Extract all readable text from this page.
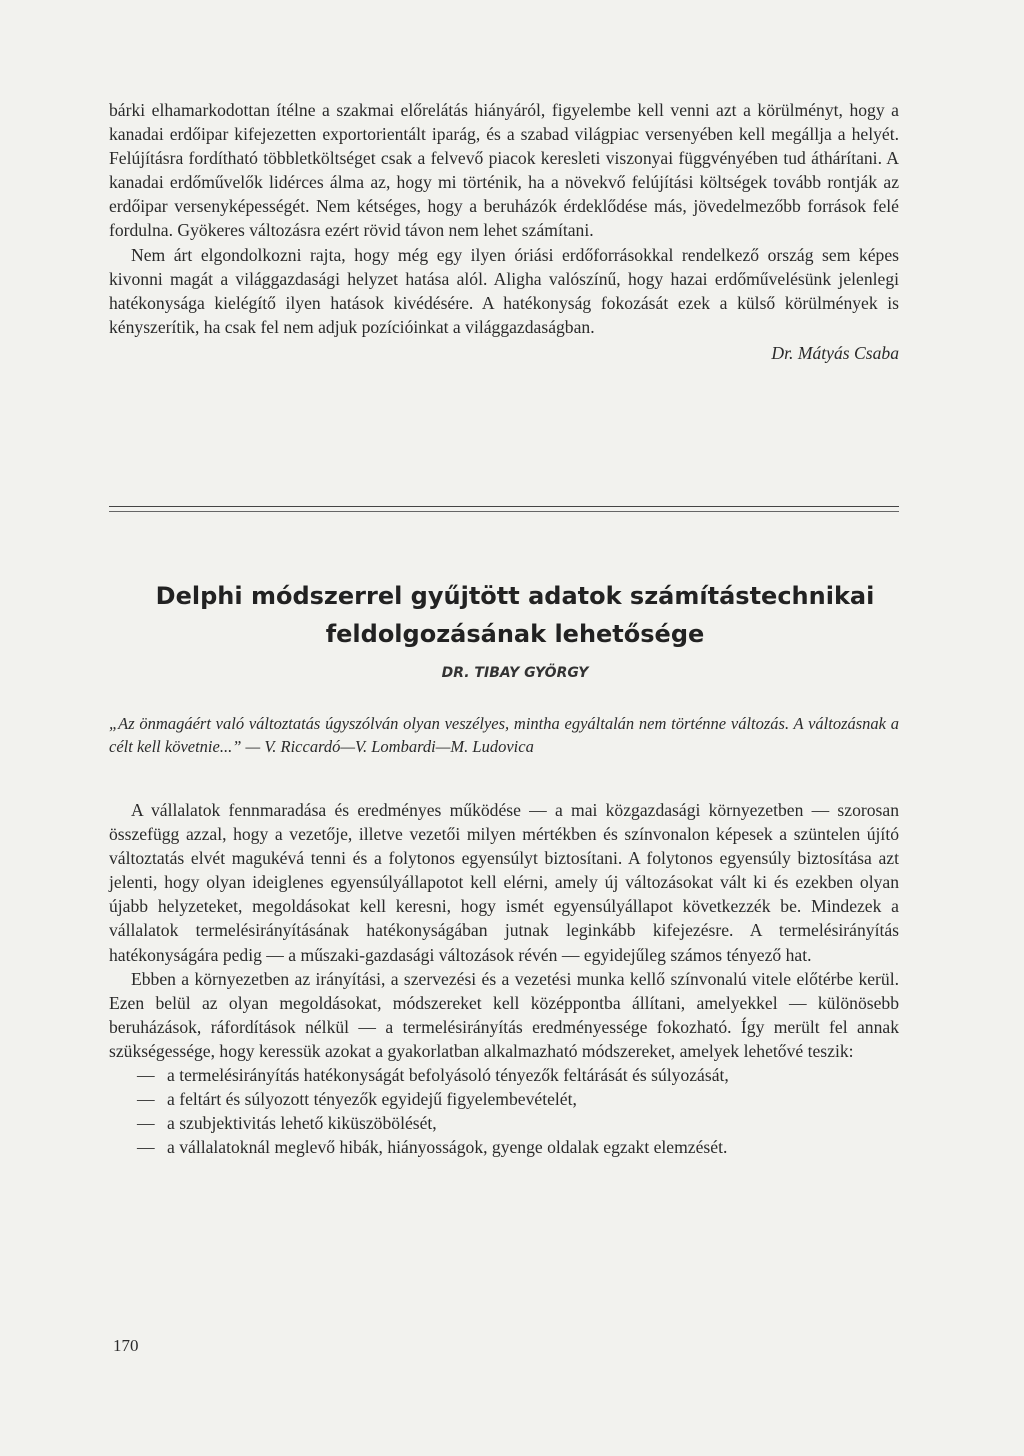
bárki elhamarkodottan ítélne a szakmai előrelátás hiányáról, figyelembe kell venni azt a körülményt, hogy a kanadai erdőipar kifejezetten exportorientált iparág, és a szabad világpiac versenyében kell megállja a helyét. Felújításra fordítható többletköltséget csak a felvevő piacok keresleti viszonyai függvényében tud áthárítani. A kanadai erdőművelők lidérces álma az, hogy mi történik, ha a növekvő felújítási költségek tovább rontják az erdőipar versenyképességét. Nem kétséges, hogy a beruházók érdeklődése más, jövedelmezőbb források felé fordulna. Gyökeres változásra ezért rövid távon nem lehet számítani.

Nem árt elgondolkozni rajta, hogy még egy ilyen óriási erdőforrásokkal rendelkező ország sem képes kivonni magát a világgazdasági helyzet hatása alól. Aligha valószínű, hogy hazai erdőművelésünk jelenlegi hatékonysága kielégítő ilyen hatások kivédésére. A hatékonyság fokozását ezek a külső körülmények is kényszerítik, ha csak fel nem adjuk pozícióinkat a világgazdaságban.

Dr. Mátyás Csaba
Delphi módszerrel gyűjtött adatok számítástechnikai
feldolgozásának lehetősége
DR. TIBAY GYÖRGY

„Az önmagáért való változtatás úgyszólván olyan veszélyes, mintha egyáltalán nem történne változás. A változásnak a célt kell követnie...” — V. Riccardó—V. Lombardi—M. Ludovica

A vállalatok fennmaradása és eredményes működése — a mai közgazdasági környezetben — szorosan összefügg azzal, hogy a vezetője, illetve vezetői milyen mértékben és színvonalon képesek a szüntelen újító változtatás elvét magukévá tenni és a folytonos egyensúlyt biztosítani. A folytonos egyensúly biztosítása azt jelenti, hogy olyan ideiglenes egyensúlyállapotot kell elérni, amely új változásokat vált ki és ezekben olyan újabb helyzeteket, megoldásokat kell keresni, hogy ismét egyensúlyállapot következzék be. Mindezek a vállalatok termelésirányításának hatékonyságában jutnak leginkább kifejezésre. A termelésirányítás hatékonyságára pedig — a műszaki-gazdasági változások révén — egyidejűleg számos tényező hat.

Ebben a környezetben az irányítási, a szervezési és a vezetési munka kellő színvonalú vitele előtérbe kerül. Ezen belül az olyan megoldásokat, módszereket kell középpontba állítani, amelyekkel — különösebb beruházások, ráfordítások nélkül — a termelésirányítás eredményessége fokozható. Így merült fel annak szükségessége, hogy keressük azokat a gyakorlatban alkalmazható módszereket, amelyek lehetővé teszik:

— a termelésirányítás hatékonyságát befolyásoló tényezők feltárását és súlyozását,
— a feltárt és súlyozott tényezők egyidejű figyelembevételét,
— a szubjektivitás lehető kiküszöbölését,
— a vállalatoknál meglevő hibák, hiányosságok, gyenge oldalak egzakt elemzését.
170
